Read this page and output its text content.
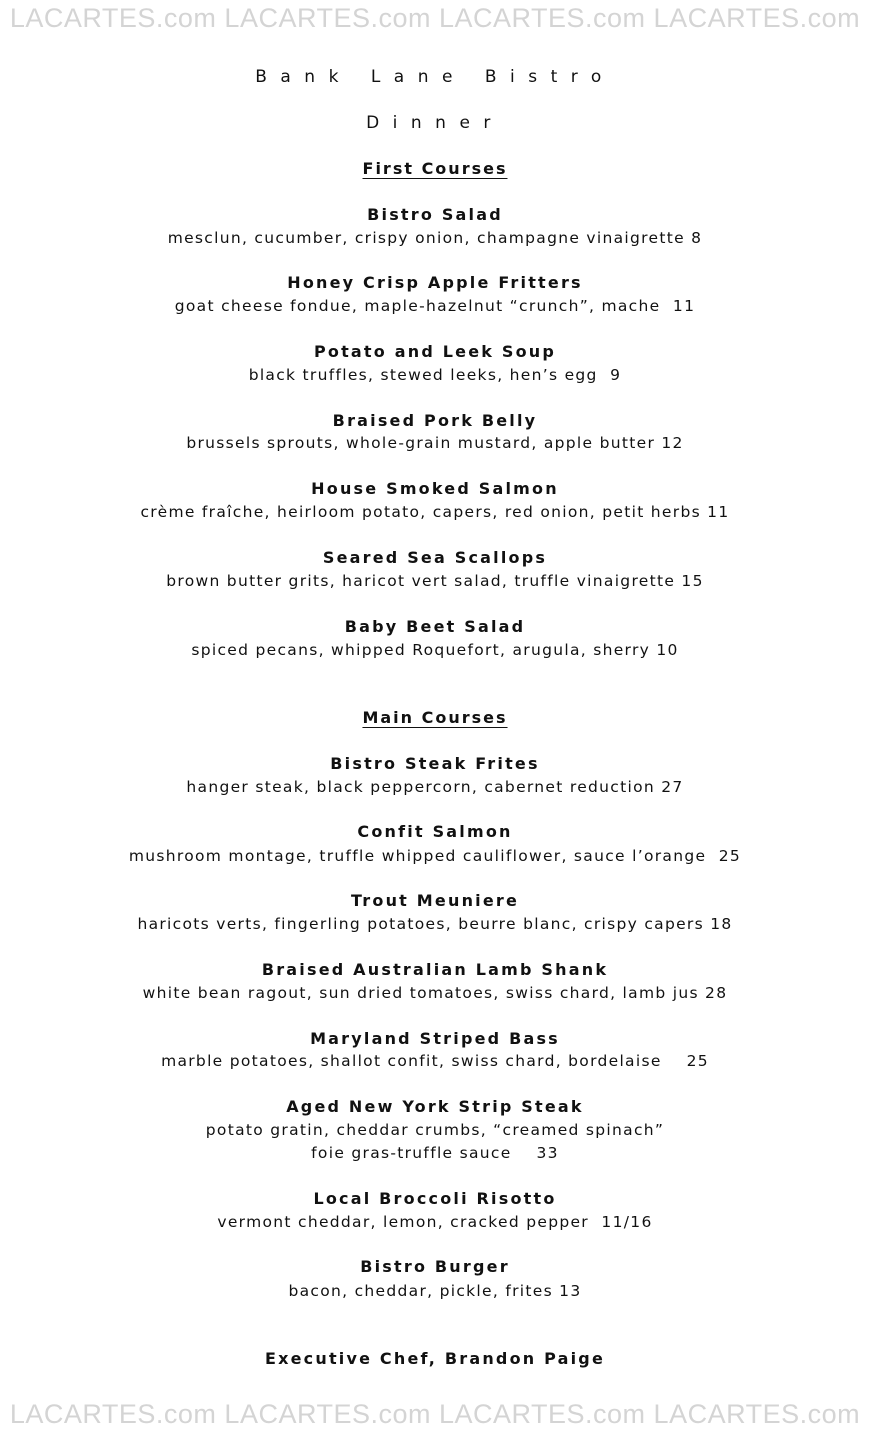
LACARTES.com LACARTES.com LACARTES.com LACARTES.com
Bank Lane Bistro
Dinner
First Courses
Bistro Salad
mesclun, cucumber, crispy onion, champagne vinaigrette 8
Honey Crisp Apple Fritters
goat cheese fondue, maple-hazelnut “crunch”, mache  11
Potato and Leek Soup
black truffles, stewed leeks, hen’s egg  9
Braised Pork Belly
brussels sprouts, whole-grain mustard, apple butter 12
House Smoked Salmon
crème fraîche, heirloom potato, capers, red onion, petit herbs 11
Seared Sea Scallops
brown butter grits, haricot vert salad, truffle vinaigrette 15
Baby Beet Salad
spiced pecans, whipped Roquefort, arugula, sherry 10
Main Courses
Bistro Steak Frites
hanger steak, black peppercorn, cabernet reduction 27
Confit Salmon
mushroom montage, truffle whipped cauliflower, sauce l’orange  25
Trout Meuniere
haricots verts, fingerling potatoes, beurre blanc, crispy capers 18
Braised Australian Lamb Shank
white bean ragout, sun dried tomatoes, swiss chard, lamb jus 28
Maryland Striped Bass
marble potatoes, shallot confit, swiss chard, bordelaise    25
Aged New York Strip Steak
potato gratin, cheddar crumbs, “creamed spinach”
foie gras-truffle sauce    33
Local Broccoli Risotto
vermont cheddar, lemon, cracked pepper  11/16
Bistro Burger
bacon, cheddar, pickle, frites 13
Executive Chef, Brandon Paige
LACARTES.com LACARTES.com LACARTES.com LACARTES.com
